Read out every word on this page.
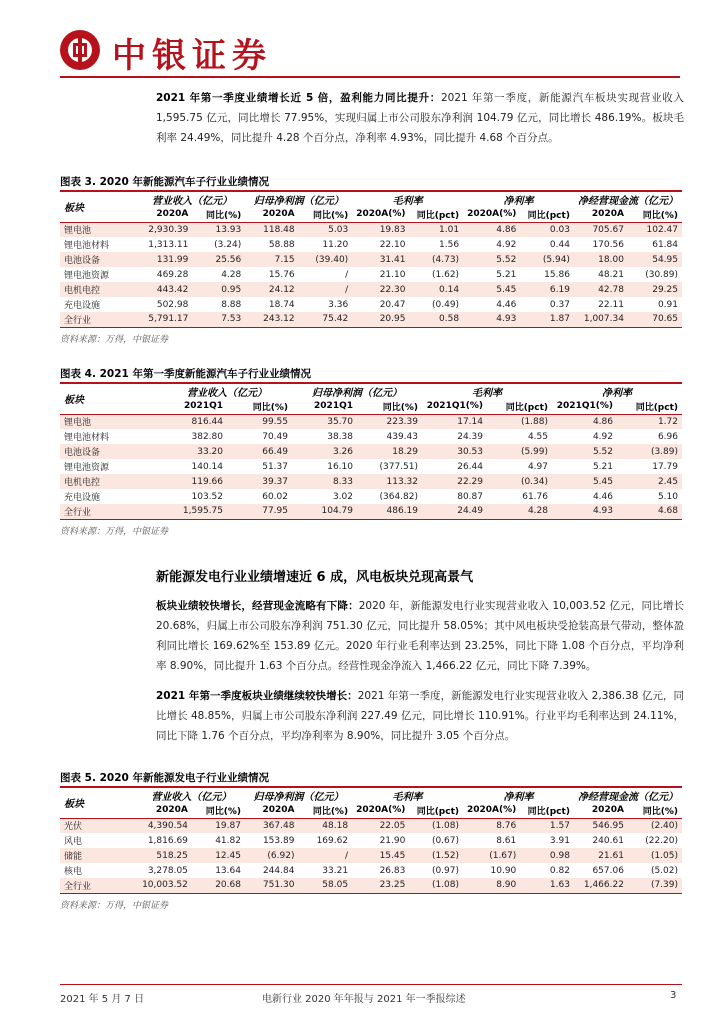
中银证券
2021 年第一季度业绩增长近 5 倍，盈利能力同比提升：2021 年第一季度，新能源汽车板块实现营业收入 1,595.75 亿元，同比增长 77.95%，实现归属上市公司股东净利润 104.79 亿元，同比增长 486.19%。板块毛利率 24.49%，同比提升 4.28 个百分点，净利率 4.93%，同比提升 4.68 个百分点。
图表 3. 2020 年新能源汽车子行业业绩情况
板块	营业收入（亿元）		归母净利润（亿元）		毛利率		净利率		净经营现金流（亿元）	
	2020A	同比(%)	2020A	同比(%)	2020A(%)	同比(pct)	2020A(%)	同比(pct)	2020A	同比(%)
锂电池	2,930.39	13.93	118.48	5.03	19.83	1.01	4.86	0.03	705.67	102.47
锂电池材料	1,313.11	(3.24)	58.88	11.20	22.10	1.56	4.92	0.44	170.56	61.84
电池设备	131.99	25.56	7.15	(39.40)	31.41	(4.73)	5.52	(5.94)	18.00	54.95
锂电池资源	469.28	4.28	15.76	/	21.10	(1.62)	5.21	15.86	48.21	(30.89)
电机电控	443.42	0.95	24.12	/	22.30	0.14	5.45	6.19	42.78	29.25
充电设施	502.98	8.88	18.74	3.36	20.47	(0.49)	4.46	0.37	22.11	0.91
全行业	5,791.17	7.53	243.12	75.42	20.95	0.58	4.93	1.87	1,007.34	70.65
资料来源：万得，中银证券
图表 4. 2021 年第一季度新能源汽车子行业业绩情况
板块	营业收入（亿元）		归母净利润（亿元）		毛利率		净利率	
	2021Q1	同比(%)	2021Q1	同比(%)	2021Q1(%)	同比(pct)	2021Q1(%)	同比(pct)
锂电池	816.44	99.55	35.70	223.39	17.14	(1.88)	4.86	1.72
锂电池材料	382.80	70.49	38.38	439.43	24.39	4.55	4.92	6.96
电池设备	33.20	66.49	3.26	18.29	30.53	(5.99)	5.52	(3.89)
锂电池资源	140.14	51.37	16.10	(377.51)	26.44	4.97	5.21	17.79
电机电控	119.66	39.37	8.33	113.32	22.29	(0.34)	5.45	2.45
充电设施	103.52	60.02	3.02	(364.82)	80.87	61.76	4.46	5.10
全行业	1,595.75	77.95	104.79	486.19	24.49	4.28	4.93	4.68
资料来源：万得，中银证券
新能源发电行业业绩增速近 6 成，风电板块兑现高景气
板块业绩较快增长，经营现金流略有下降：2020 年，新能源发电行业实现营业收入 10,003.52 亿元，同比增长 20.68%，归属上市公司股东净利润 751.30 亿元，同比提升 58.05%；其中风电板块受抢装高景气带动，整体盈利同比增长 169.62%至 153.89 亿元。2020 年行业毛利率达到 23.25%，同比下降 1.08 个百分点，平均净利率 8.90%，同比提升 1.63 个百分点。经营性现金净流入 1,466.22 亿元，同比下降 7.39%。
2021 年第一季度板块业绩继续较快增长：2021 年第一季度，新能源发电行业实现营业收入 2,386.38 亿元，同比增长 48.85%，归属上市公司股东净利润 227.49 亿元，同比增长 110.91%。行业平均毛利率达到 24.11%，同比下降 1.76 个百分点，平均净利率为 8.90%，同比提升 3.05 个百分点。
图表 5. 2020 年新能源发电子行业业绩情况
板块	营业收入（亿元）		归母净利润（亿元）		毛利率		净利率		净经营现金流（亿元）	
	2020A	同比(%)	2020A	同比(%)	2020A(%)	同比(pct)	2020A(%)	同比(pct)	2020A	同比(%)
光伏	4,390.54	19.87	367.48	48.18	22.05	(1.08)	8.76	1.57	546.95	(2.40)
风电	1,816.69	41.82	153.89	169.62	21.90	(0.67)	8.61	3.91	240.61	(22.20)
储能	518.25	12.45	(6.92)	/	15.45	(1.52)	(1.67)	0.98	21.61	(1.05)
核电	3,278.05	13.64	244.84	33.21	26.83	(0.97)	10.90	0.82	657.06	(5.02)
全行业	10,003.52	20.68	751.30	58.05	23.25	(1.08)	8.90	1.63	1,466.22	(7.39)
资料来源：万得，中银证券
2021 年 5 月 7 日	电新行业 2020 年年报与 2021 年一季报综述	3
